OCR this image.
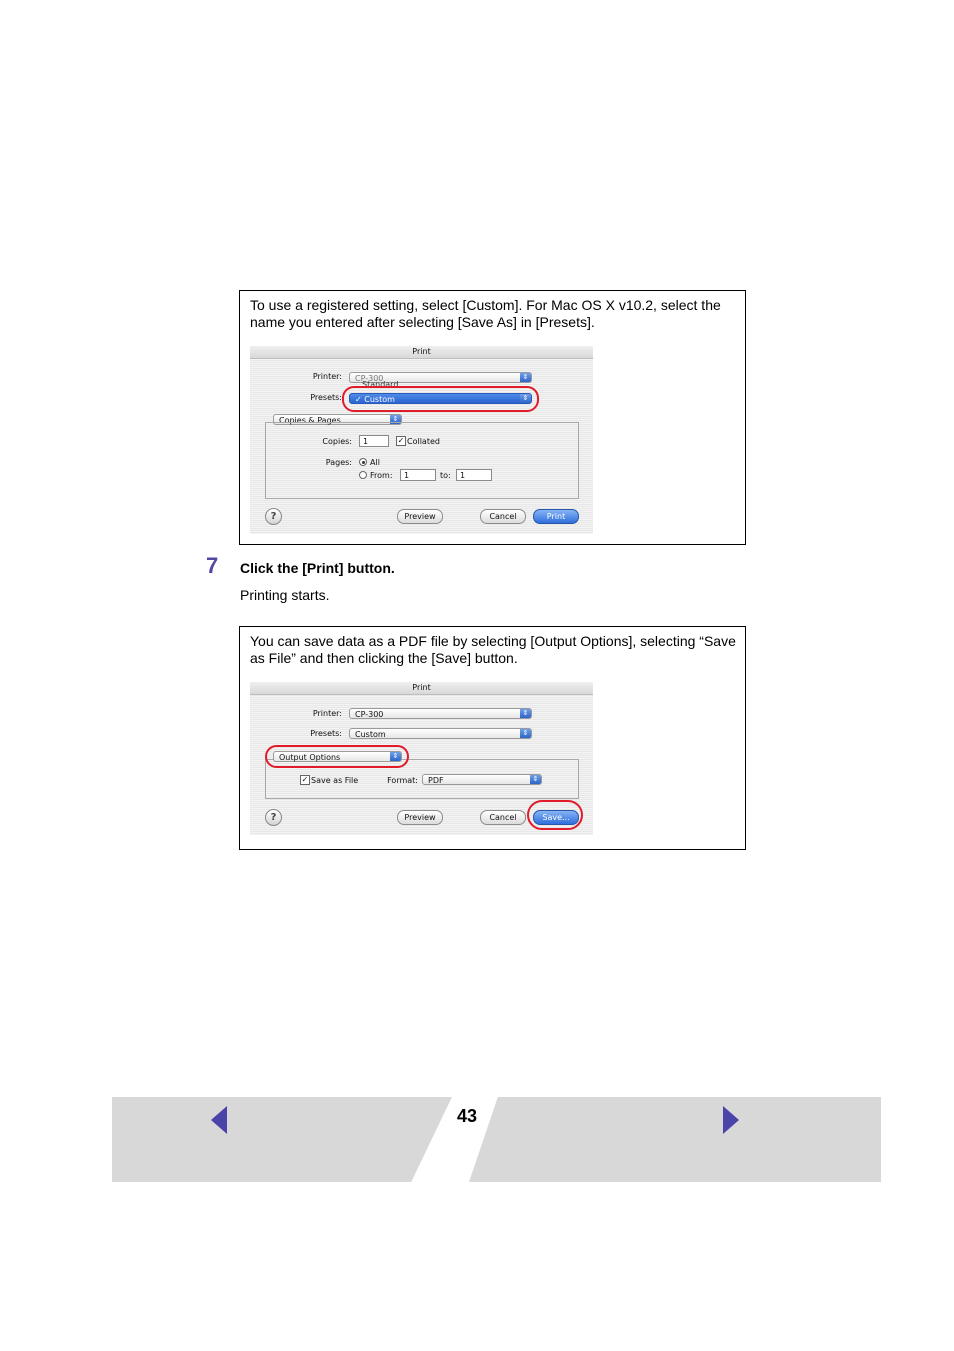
To use a registered setting, select [Custom]. For Mac OS X v10.2, select the name you entered after selecting [Save As] in [Presets].
Print
Printer:	CP-300	⇕
Standard
Presets:	✓ Custom	⇕
Copies & Pages	⇕
Copies:	1	✓ Collated
Pages: All
From:	1	to:	1
?	Preview	Cancel	Print
7 Click the [Print] button.
Printing starts.
You can save data as a PDF file by selecting [Output Options], selecting “Save as File” and then clicking the [Save] button.
Print
Printer:	CP-300	⇕
Presets:	Custom	⇕
Output Options	⇕
✓ Save as File	Format:	PDF	⇕
?	Preview	Cancel	Save...
43
